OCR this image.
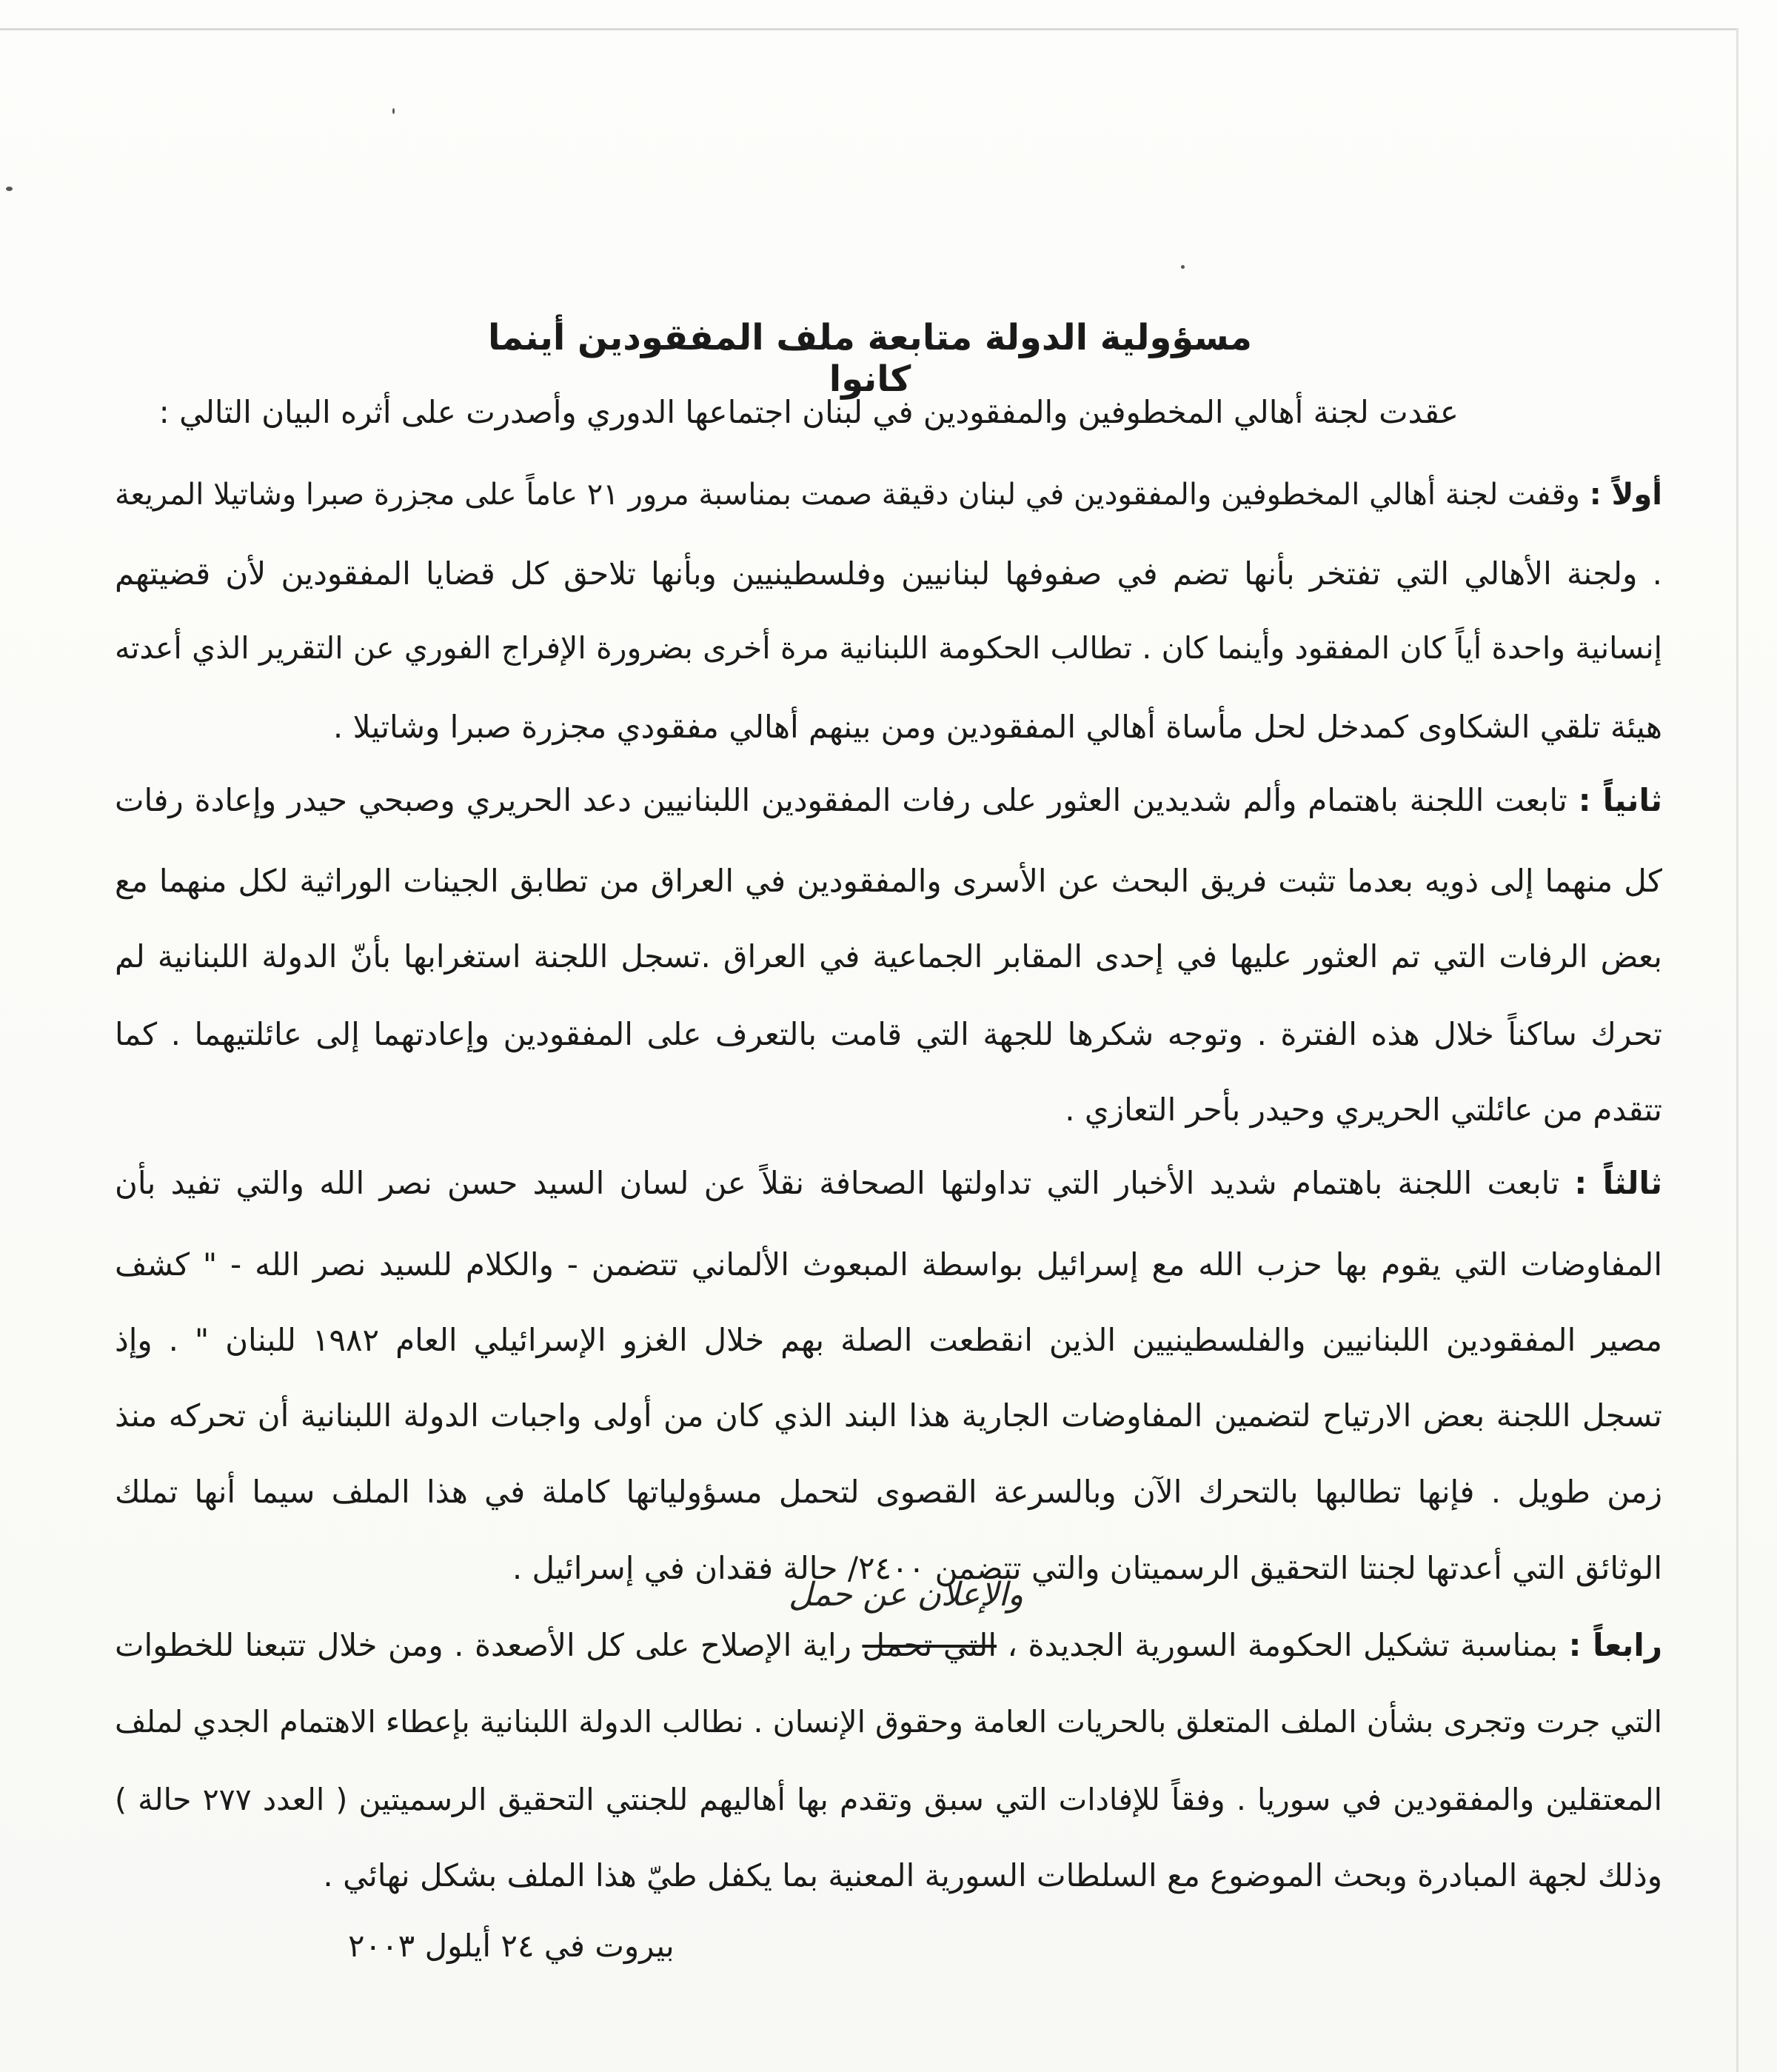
مسؤولية الدولة متابعة ملف المفقودين أينما كانوا
عقدت لجنة أهالي المخطوفين والمفقودين في لبنان اجتماعها الدوري وأصدرت على أثره البيان التالي :
أولاً : وقفت لجنة أهالي المخطوفين والمفقودين في لبنان دقيقة صمت بمناسبة مرور ٢١ عاماً على مجزرة صبرا وشاتيلا المريعة
. ولجنة الأهالي التي تفتخر بأنها تضم في صفوفها لبنانيين وفلسطينيين وبأنها تلاحق كل قضايا المفقودين لأن قضيتهم
إنسانية واحدة أياً كان المفقود وأينما كان . تطالب الحكومة اللبنانية مرة أخرى بضرورة الإفراج الفوري عن التقرير الذي أعدته
هيئة تلقي الشكاوى كمدخل لحل مأساة أهالي المفقودين ومن بينهم أهالي مفقودي مجزرة صبرا وشاتيلا .
ثانياً : تابعت اللجنة باهتمام وألم شديدين العثور على رفات المفقودين اللبنانيين دعد الحريري وصبحي حيدر وإعادة رفات
كل منهما إلى ذويه بعدما تثبت فريق البحث عن الأسرى والمفقودين في العراق من تطابق الجينات الوراثية لكل منهما مع
بعض الرفات التي تم العثور عليها في إحدى المقابر الجماعية في العراق .تسجل اللجنة استغرابها بأنّ الدولة اللبنانية لم
تحرك ساكناً خلال هذه الفترة . وتوجه شكرها للجهة التي قامت بالتعرف على المفقودين وإعادتهما إلى عائلتيهما . كما
تتقدم من عائلتي الحريري وحيدر بأحر التعازي .
ثالثاً : تابعت اللجنة باهتمام شديد الأخبار التي تداولتها الصحافة نقلاً عن لسان السيد حسن نصر الله والتي تفيد بأن
المفاوضات التي يقوم بها حزب الله مع إسرائيل بواسطة المبعوث الألماني تتضمن - والكلام للسيد نصر الله - " كشف
مصير المفقودين اللبنانيين والفلسطينيين الذين انقطعت الصلة بهم خلال الغزو الإسرائيلي العام ١٩٨٢ للبنان " . وإذ
تسجل اللجنة بعض الارتياح لتضمين المفاوضات الجارية هذا البند الذي كان من أولى واجبات الدولة اللبنانية أن تحركه منذ
زمن طويل . فإنها تطالبها بالتحرك الآن وبالسرعة القصوى لتحمل مسؤولياتها كاملة في هذا الملف سيما أنها تملك
الوثائق التي أعدتها لجنتا التحقيق الرسميتان والتي تتضمن ٢٤٠٠/ حالة فقدان في إسرائيل .
والإعلان عن حمل
رابعاً : بمناسبة تشكيل الحكومة السورية الجديدة ، التي تحمل راية الإصلاح على كل الأصعدة . ومن خلال تتبعنا للخطوات
التي جرت وتجرى بشأن الملف المتعلق بالحريات العامة وحقوق الإنسان . نطالب الدولة اللبنانية بإعطاء الاهتمام الجدي لملف
المعتقلين والمفقودين في سوريا . وفقاً للإفادات التي سبق وتقدم بها أهاليهم للجنتي التحقيق الرسميتين ( العدد ٢٧٧ حالة )
وذلك لجهة المبادرة وبحث الموضوع مع السلطات السورية المعنية بما يكفل طيّ هذا الملف بشكل نهائي .
بيروت في ٢٤ أيلول ٢٠٠٣
